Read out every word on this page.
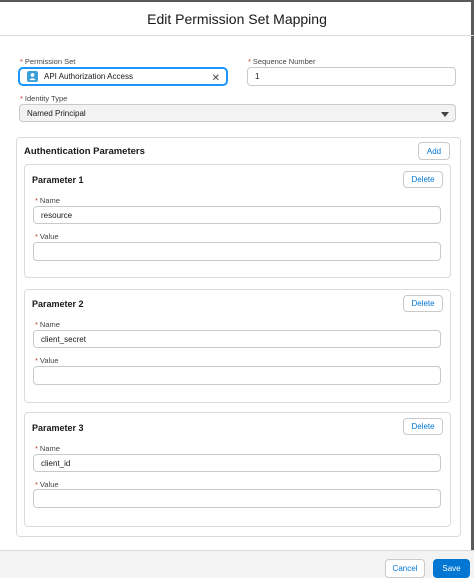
Edit Permission Set Mapping
* Permission Set
API Authorization Access	✕
* Sequence Number
1
* Identity Type
Named Principal
Authentication Parameters	Add
Parameter 1	Delete
* Name
resource
* Value
Parameter 2	Delete
* Name
client_secret
* Value
Parameter 3	Delete
* Name
client_id
* Value
Cancel	Save
